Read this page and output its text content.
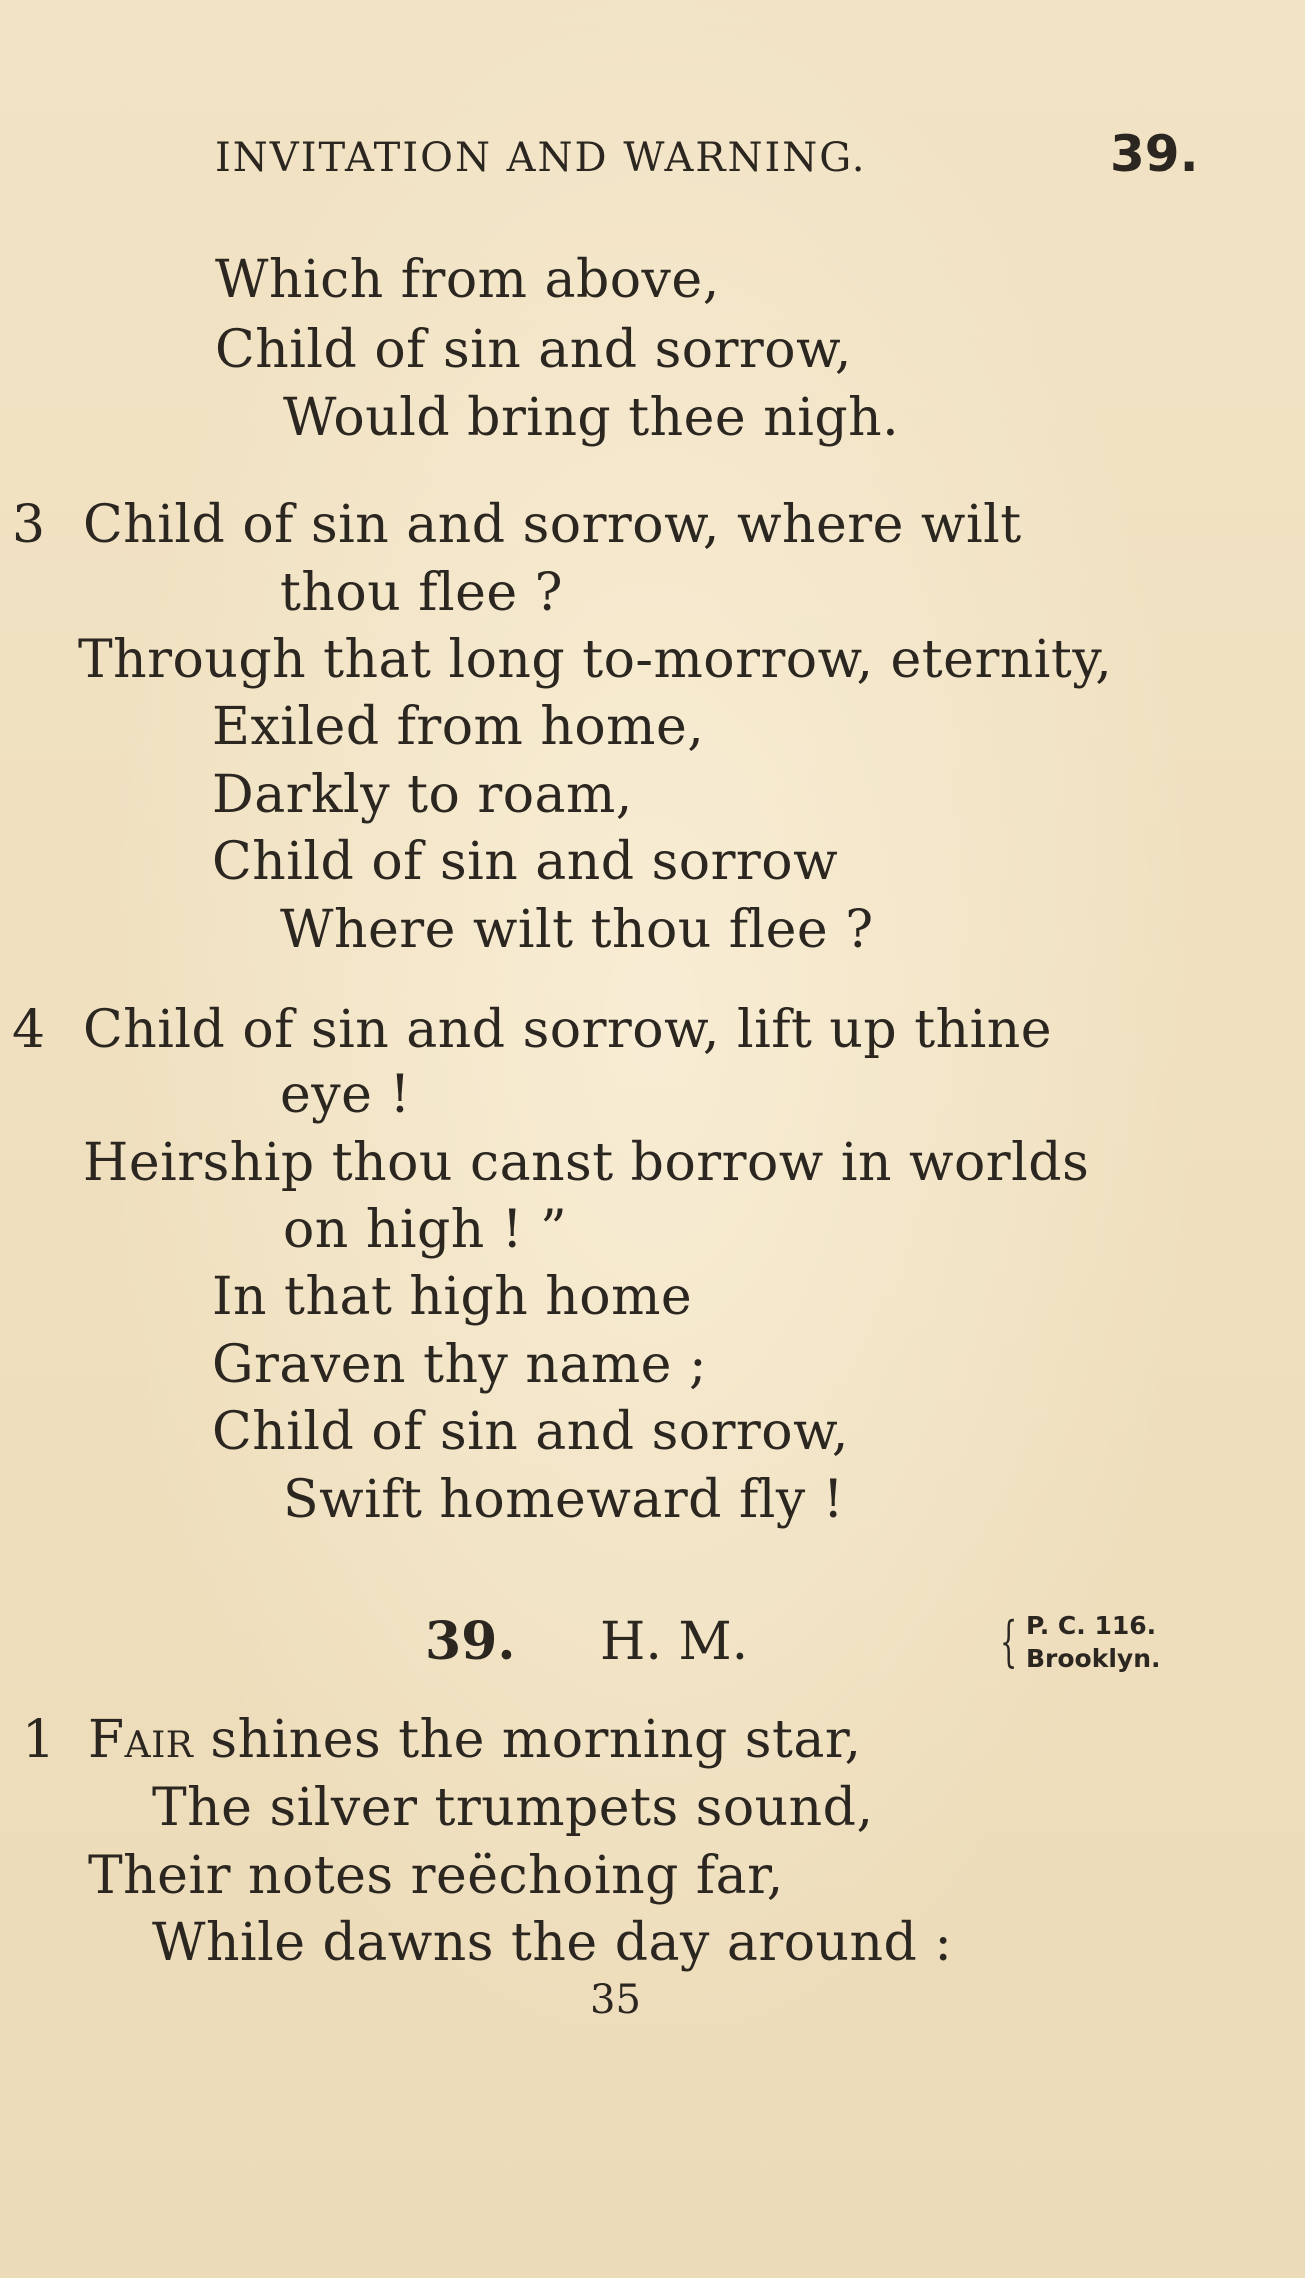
INVITATION AND WARNING.	39.
Which from above,
Child of sin and sorrow,
Would bring thee nigh.
3 Child of sin and sorrow, where wilt
thou flee ?
Through that long to-morrow, eternity,
Exiled from home,
Darkly to roam,
Child of sin and sorrow
Where wilt thou flee ?
4 Child of sin and sorrow, lift up thine
eye !
Heirship thou canst borrow in worlds
on high ! ”
In that high home
Graven thy name ;
Child of sin and sorrow,
Swift homeward fly !
39. H. M.	{ P. C. 116.
Brooklyn.
1 Fair shines the morning star,
The silver trumpets sound,
Their notes reëchoing far,
While dawns the day around :
35
